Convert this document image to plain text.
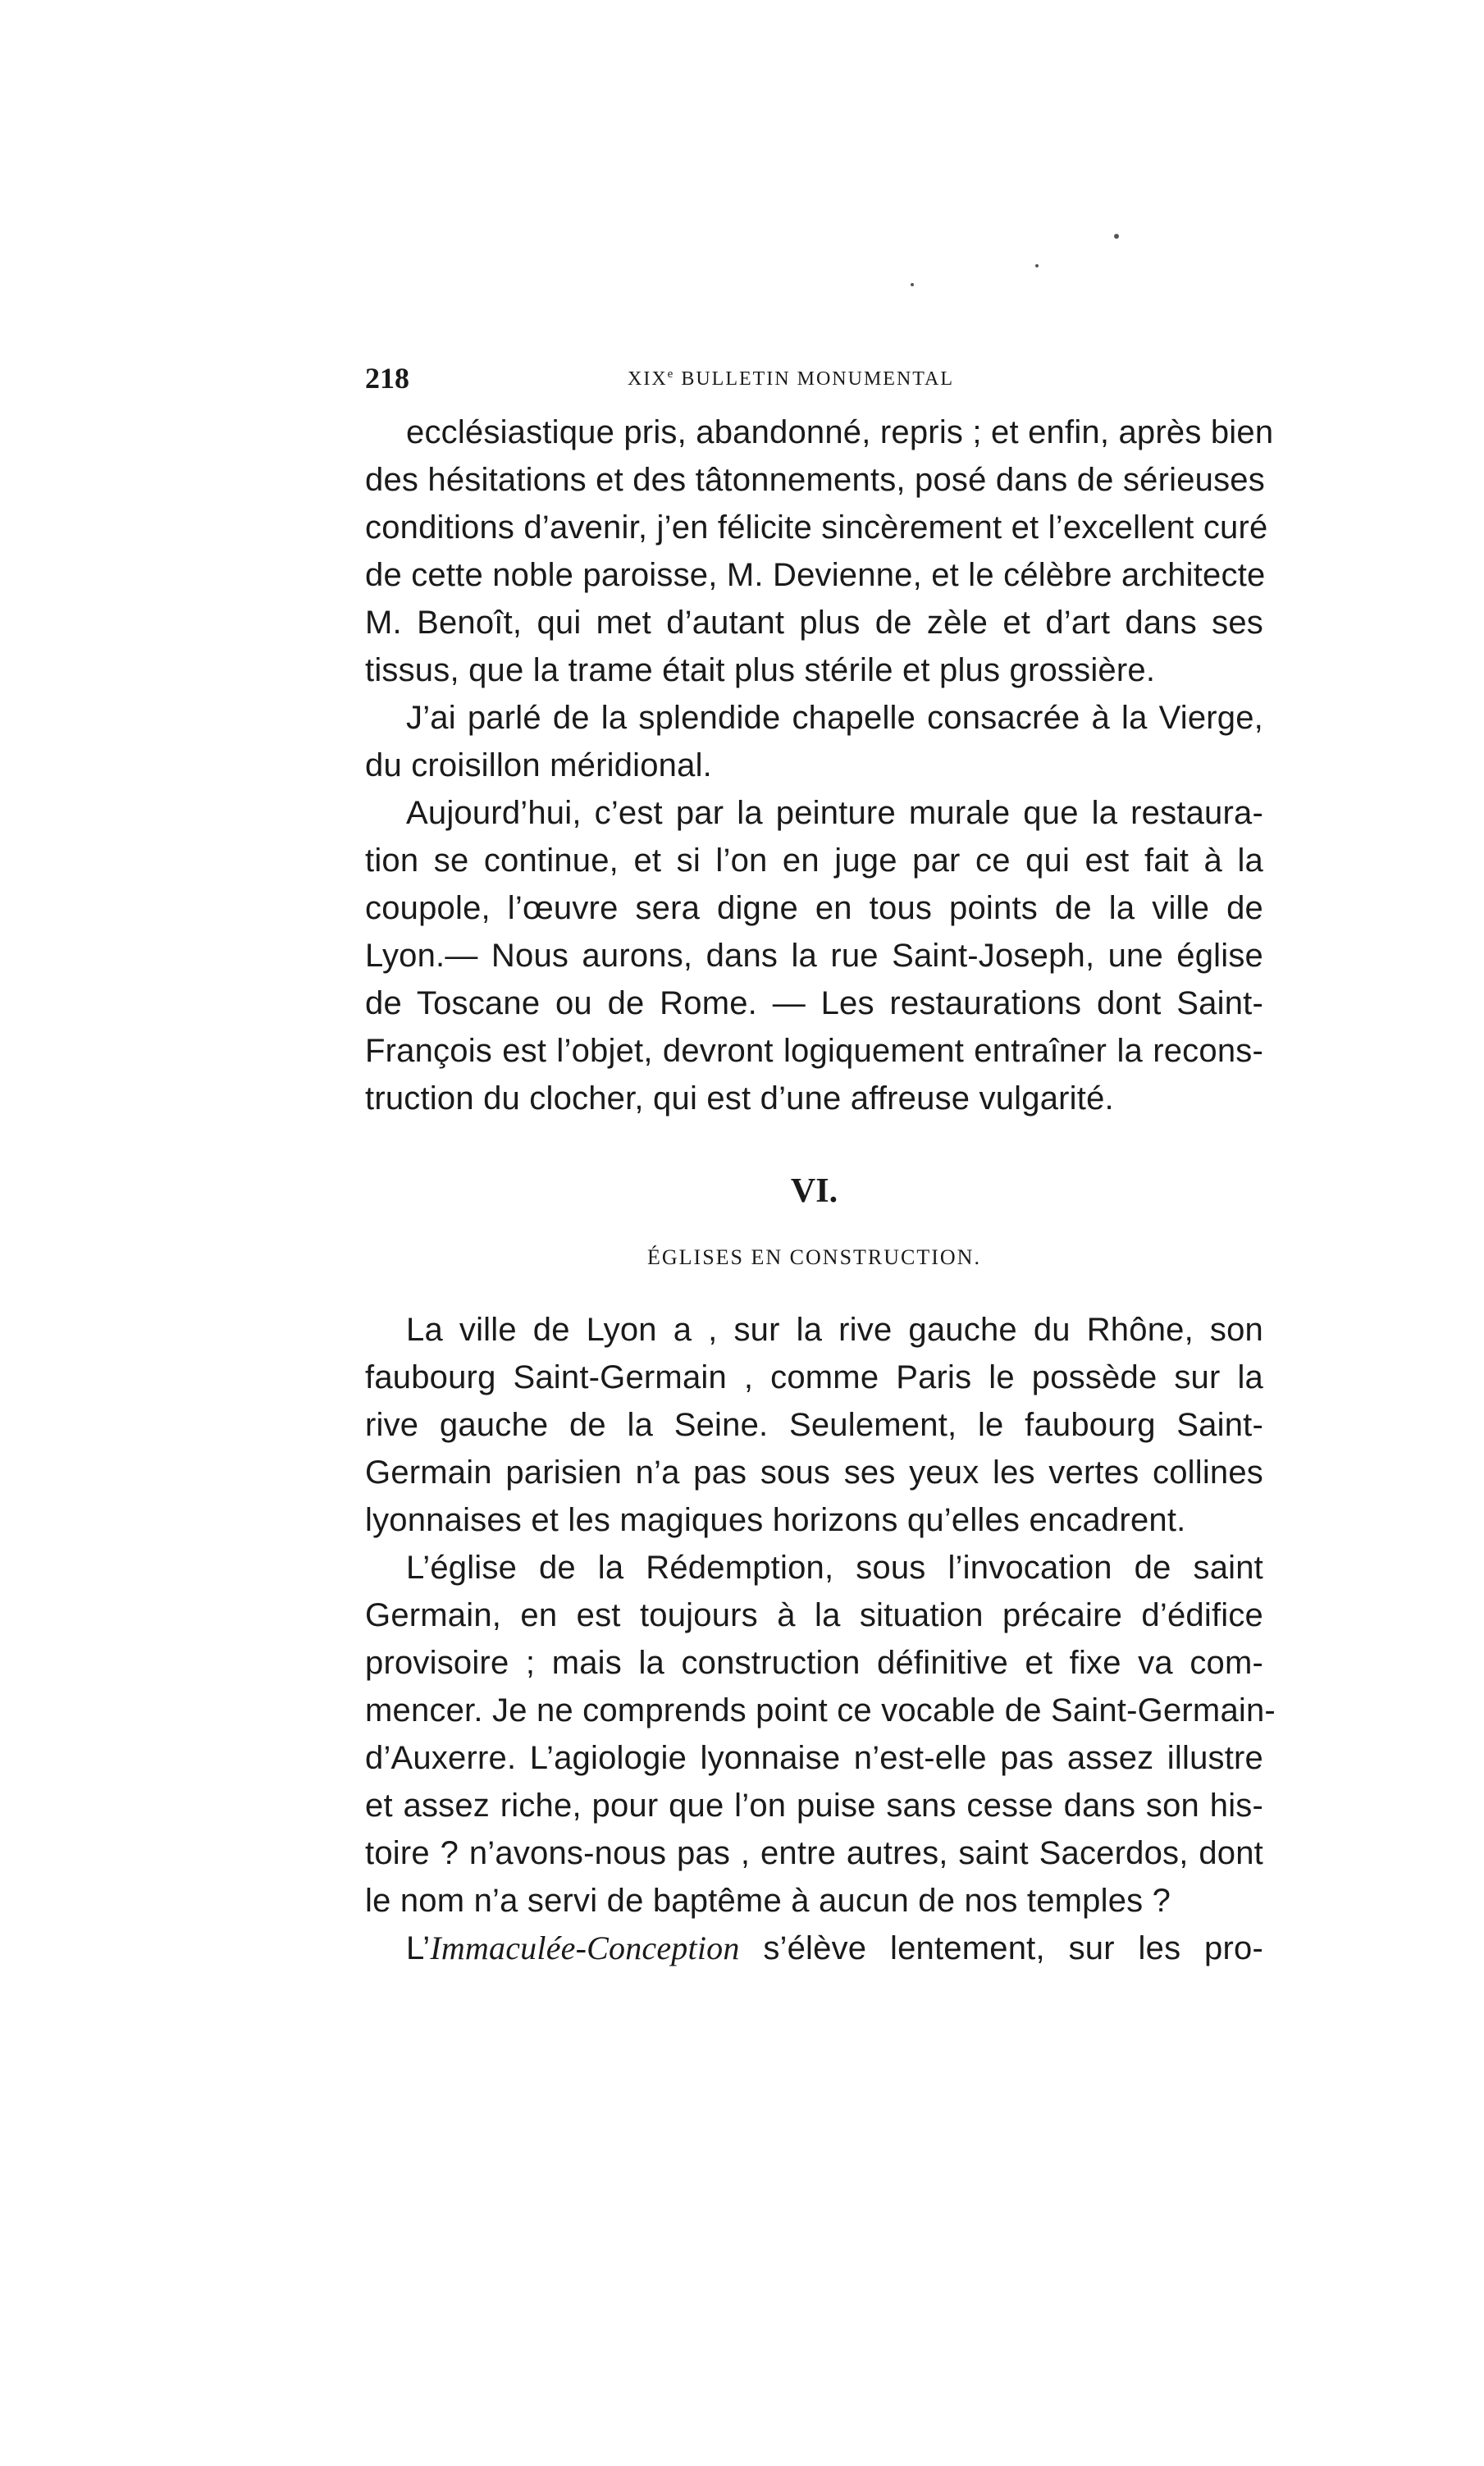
218	XIXe BULLETIN MONUMENTAL
ecclésiastique pris, abandonné, repris ; et enfin, après bien
des hésitations et des tâtonnements, posé dans de sérieuses
conditions d’avenir, j’en félicite sincèrement et l’excellent curé
de cette noble paroisse, M. Devienne, et le célèbre architecte
M. Benoît, qui met d’autant plus de zèle et d’art dans ses
tissus, que la trame était plus stérile et plus grossière.
J’ai parlé de la splendide chapelle consacrée à la Vierge,
du croisillon méridional.
Aujourd’hui, c’est par la peinture murale que la restaura-
tion se continue, et si l’on en juge par ce qui est fait à la
coupole, l’œuvre sera digne en tous points de la ville de
Lyon.— Nous aurons, dans la rue Saint-Joseph, une église
de Toscane ou de Rome. — Les restaurations dont Saint-
François est l’objet, devront logiquement entraîner la recons-
truction du clocher, qui est d’une affreuse vulgarité.
VI.
ÉGLISES EN CONSTRUCTION.
La ville de Lyon a , sur la rive gauche du Rhône, son
faubourg Saint-Germain , comme Paris le possède sur la
rive gauche de la Seine. Seulement, le faubourg Saint-
Germain parisien n’a pas sous ses yeux les vertes collines
lyonnaises et les magiques horizons qu’elles encadrent.
L’église de la Rédemption, sous l’invocation de saint
Germain, en est toujours à la situation précaire d’édifice
provisoire ; mais la construction définitive et fixe va com-
mencer. Je ne comprends point ce vocable de Saint-Germain-
d’Auxerre. L’agiologie lyonnaise n’est-elle pas assez illustre
et assez riche, pour que l’on puise sans cesse dans son his-
toire ? n’avons-nous pas , entre autres, saint Sacerdos, dont
le nom n’a servi de baptême à aucun de nos temples ?
L’Immaculée-Conception s’élève lentement, sur les pro-
